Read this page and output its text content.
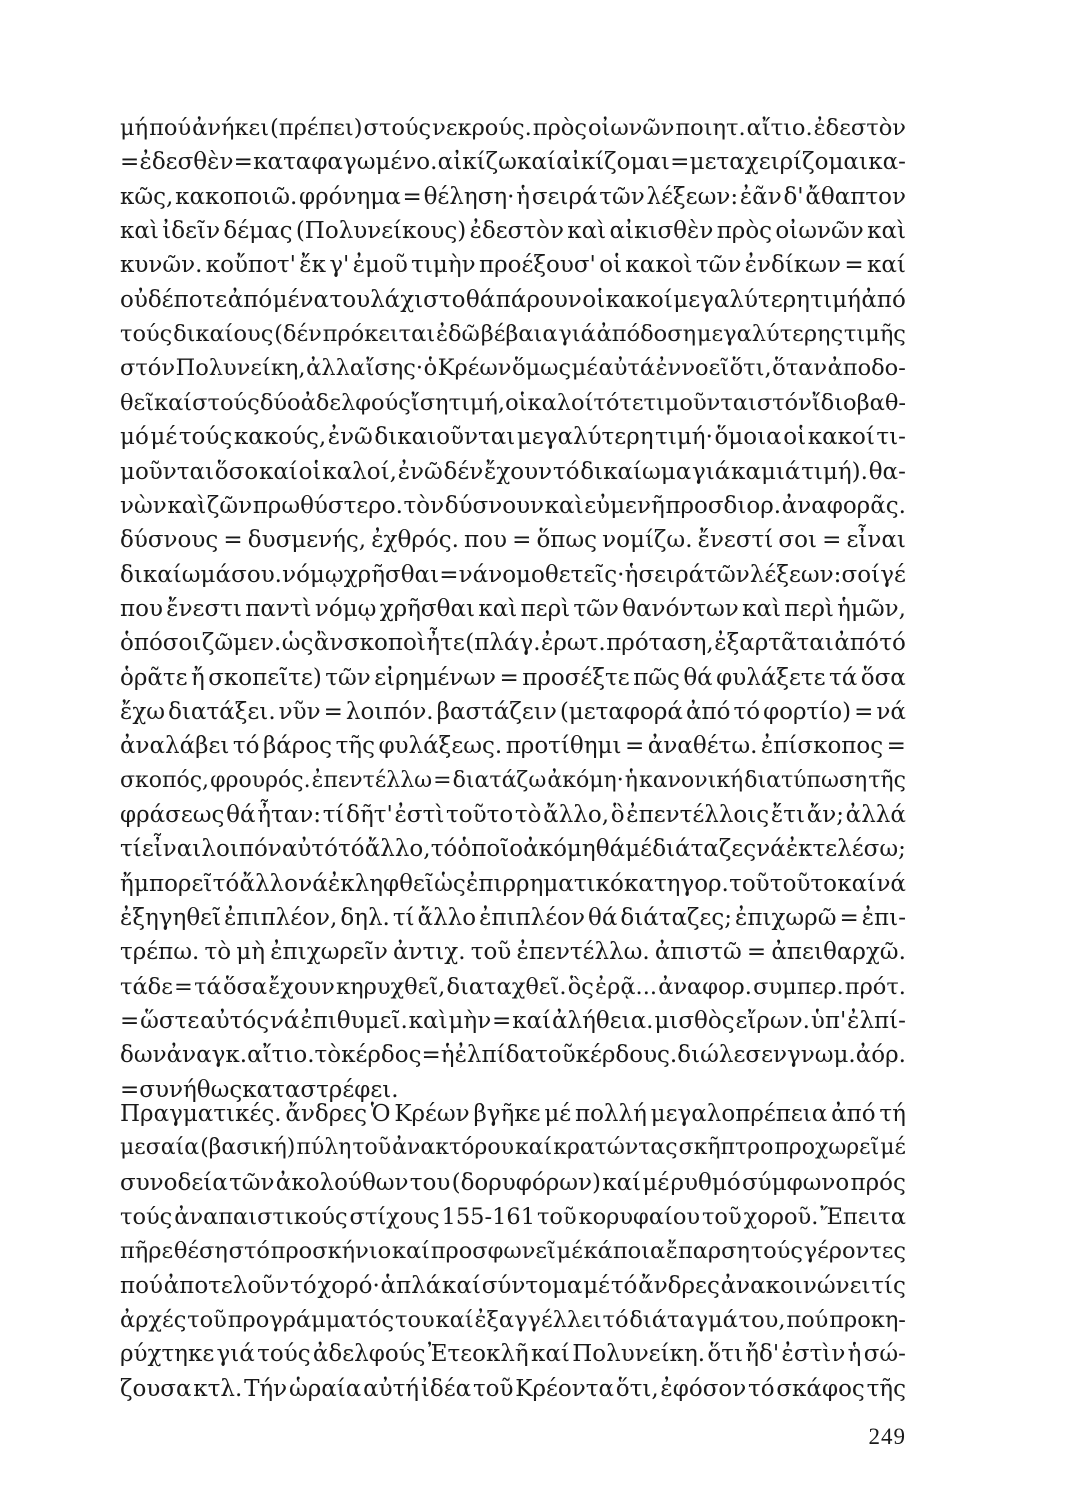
μή πού ἀνήκει (πρέπει) στούς νεκρούς. πρὸς οἰωνῶν ποιητ. αἴτιο. ἐδεστὸν
= ἐδεσθὲν = καταφαγωμένο. αἰκίζω καί αἰκίζομαι = μεταχειρίζομαι κα-
κῶς, κακοποιῶ. φρόνημα = θέληση· ἡ σειρά τῶν λέξεων: ἐᾶν δ' ἄθαπτον
καὶ ἰδεῖν δέμας (Πολυνείκους) ἐδεστὸν καὶ αἰκισθὲν πρὸς οἰωνῶν καὶ
κυνῶν. κοὔποτ' ἔκ γ' ἐμοῦ τιμὴν προέξουσ' οἱ κακοὶ τῶν ἐνδίκων = καί
οὐδέποτε ἀπό μένα τουλάχιστο θά πάρουν οἱ κακοί μεγαλύτερη τιμή ἀπό
τούς δικαίους (δέν πρόκειται ἐδῶ βέβαια γιά ἀπόδοση μεγαλύτερης τιμῆς
στόν Πολυνείκη, ἀλλα ἴσης· ὁ Κρέων ὅμως μέ αὐτά ἐννοεῖ ὅτι, ὅταν ἀποδο-
θεῖ καί στούς δύο ἀδελφούς ἴση τιμή, οἱ καλοί τότε τιμοῦνται στόν ἴδιο βαθ-
μό μέ τούς κακούς, ἐνῶ δικαιοῦνται μεγαλύτερη τιμή· ὅμοια οἱ κακοί τι-
μοῦνται ὅσο καί οἱ καλοί, ἐνῶ δέν ἔχουν τό δικαίωμα γιά καμιά τιμή). θα-
νὼν καὶ ζῶν πρωθύστερο. τὸν δύσνουν καὶ εὐμενῆ προσδιορ. ἀναφορᾶς.
δύσνους = δυσμενής, ἐχθρός. που = ὅπως νομίζω. ἔνεστί σοι = εἶναι
δικαίωμά σου. νόμῳ χρῆσθαι = νά νομοθετεῖς· ἡ σειρά τῶν λέξεων: σοί γέ
που ἔνεστι παντὶ νόμῳ χρῆσθαι καὶ περὶ τῶν θανόντων καὶ περὶ ἡμῶν,
ὁπόσοι ζῶμεν. ὡς ἂν σκοποὶ ἦτε (πλάγ. ἐρωτ. πρόταση, ἐξαρτᾶται ἀπό τό
ὁρᾶτε ἤ σκοπεῖτε) τῶν εἰρημένων = προσέξτε πῶς θά φυλάξετε τά ὅσα
ἔχω διατάξει. νῦν = λοιπόν. βαστάζειν (μεταφορά ἀπό τό φορτίο) = νά
ἀναλάβει τό βάρος τῆς φυλάξεως. προτίθημι = ἀναθέτω. ἐπίσκοπος =
σκοπός, φρουρός. ἐπεντέλλω = διατάζω ἀκόμη· ἡ κανονική διατύπωση τῆς
φράσεως θά ἦταν: τί δῆτ' ἐστὶ τοῦτο τὸ ἄλλο, ὃ ἐπεντέλλοις ἔτι ἄν; ἀλλά
τί εἶναι λοιπόν αὐτό τό ἄλλο, τό ὁποῖο ἀκόμη θά μέ διάταζες νά ἐκτελέσω;
ἤ μπορεῖ τό ἄλλο νά ἐκληφθεῖ ὡς ἐπιρρηματικό κατηγορ. τοῦ τοῦτο καί νά
ἐξηγηθεῖ ἐπιπλέον, δηλ. τί ἄλλο ἐπιπλέον θά διάταζες; ἐπιχωρῶ = ἐπι-
τρέπω. τὸ μὴ ἐπιχωρεῖν ἀντιχ. τοῦ ἐπεντέλλω. ἀπιστῶ = ἀπειθαρχῶ.
τάδε = τά ὅσα ἔχουν κηρυχθεῖ, διαταχθεῖ. ὃς ἐρᾷ... ἀναφορ. συμπερ. πρότ.
= ὥστε αὐτός νά ἐπιθυμεῖ. καὶ μὴν = καί ἀλήθεια. μισθὸς εἴρων. ὑπ' ἐλπί-
δων ἀναγκ. αἴτιο. τὸ κέρδος = ἡ ἐλπίδα τοῦ κέρδους. διώλεσεν γνωμ. ἀόρ.
= συνήθως καταστρέφει.
Πραγματικές. ἄνδρες Ὁ Κρέων βγῆκε μέ πολλή μεγαλοπρέπεια ἀπό τή
μεσαία (βασική) πύλη τοῦ ἀνακτόρου καί κρατώντας σκῆπτρο προχωρεῖ μέ
συνοδεία τῶν ἀκολούθων του (δορυφόρων) καί μέ ρυθμό σύμφωνο πρός
τούς ἀναπαιστικούς στίχους 155-161 τοῦ κορυφαίου τοῦ χοροῦ. Ἔπειτα
πῆρε θέση στό προσκήνιο καί προσφωνεῖ μέ κάποια ἔπαρση τούς γέροντες
πού ἀποτελοῦν τό χορό· ἁπλά καί σύντομα μέ τό ἄνδρες ἀνακοινώνει τίς
ἀρχές τοῦ προγράμματός του καί ἐξαγγέλλει τό διάταγμά του, πού προκη-
ρύχτηκε γιά τούς ἀδελφούς Ἐτεοκλῆ καί Πολυνείκη. ὅτι ἤδ' ἐστὶν ἡ σώ-
ζουσα κτλ. Τήν ὡραία αὐτή ἰδέα τοῦ Κρέοντα ὅτι, ἐφόσον τό σκάφος τῆς
249
